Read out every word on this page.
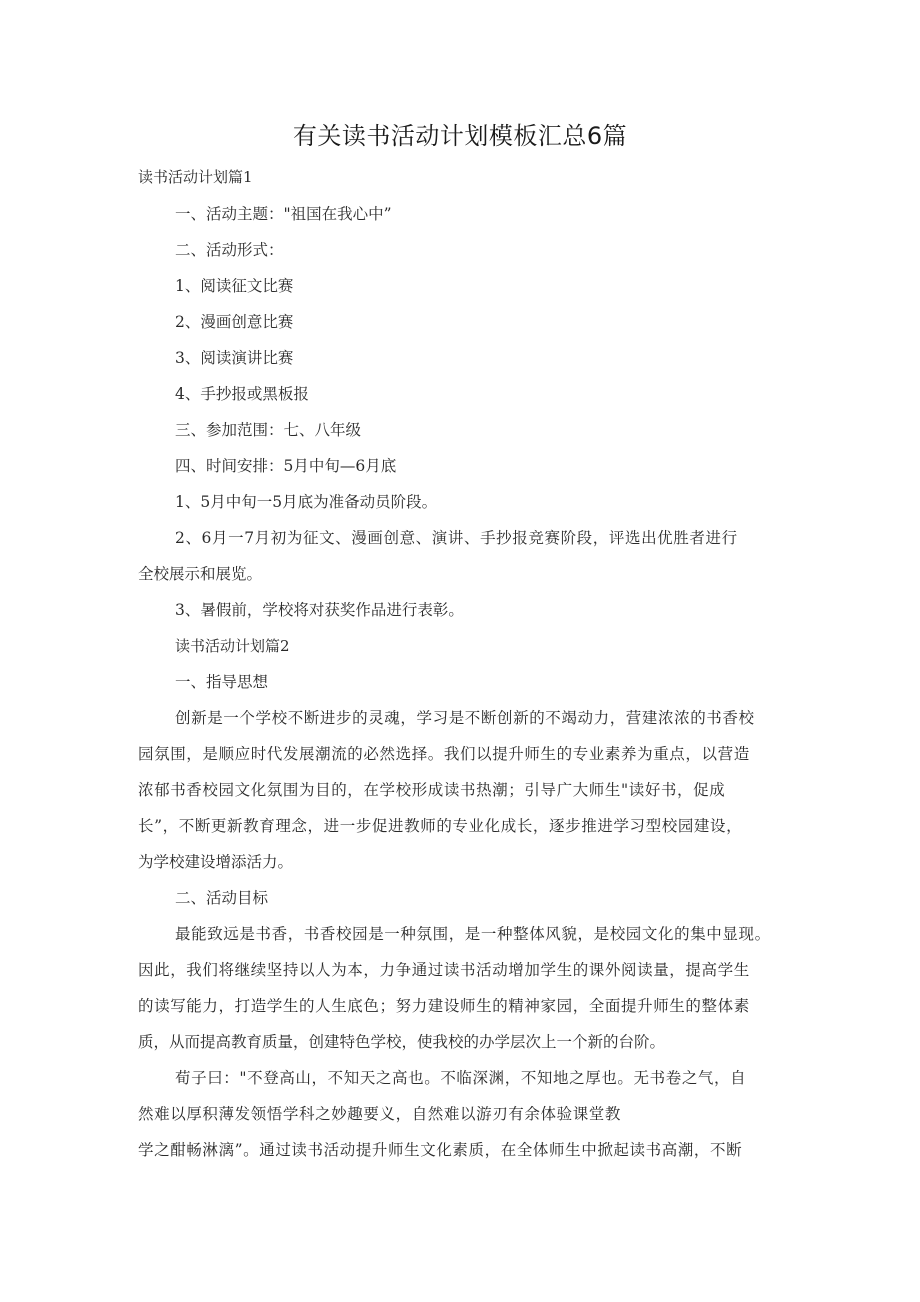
有关读书活动计划模板汇总6篇

读书活动计划篇1

一、活动主题："祖国在我心中”

二、活动形式：

1、阅读征文比赛

2、漫画创意比赛

3、阅读演讲比赛

4、手抄报或黑板报

三、参加范围：七、八年级

四、时间安排：5月中旬—6月底

1、5月中旬一5月底为准备动员阶段。

2、6月一7月初为征文、漫画创意、演讲、手抄报竞赛阶段，评选出优胜者进行

全校展示和展览。

3、暑假前，学校将对获奖作品进行表彰。

读书活动计划篇2

一、指导思想

创新是一个学校不断进步的灵魂，学习是不断创新的不竭动力，营建浓浓的书香校

园氛围，是顺应时代发展潮流的必然选择。我们以提升师生的专业素养为重点，以营造

浓郁书香校园文化氛围为目的，在学校形成读书热潮；引导广大师生"读好书，促成

长”，不断更新教育理念，进一步促进教师的专业化成长，逐步推进学习型校园建设，

为学校建设增添活力。

二、活动目标

最能致远是书香，书香校园是一种氛围，是一种整体风貌，是校园文化的集中显现。

因此，我们将继续坚持以人为本，力争通过读书活动增加学生的课外阅读量，提高学生

的读写能力，打造学生的人生底色；努力建设师生的精神家园，全面提升师生的整体素

质，从而提高教育质量，创建特色学校，使我校的办学层次上一个新的台阶。

荀子曰："不登高山，不知天之高也。不临深渊，不知地之厚也。无书卷之气，自

然难以厚积薄发领悟学科之妙趣要义，自然难以游刃有余体验课堂教

学之酣畅淋漓”。通过读书活动提升师生文化素质，在全体师生中掀起读书高潮，不断
